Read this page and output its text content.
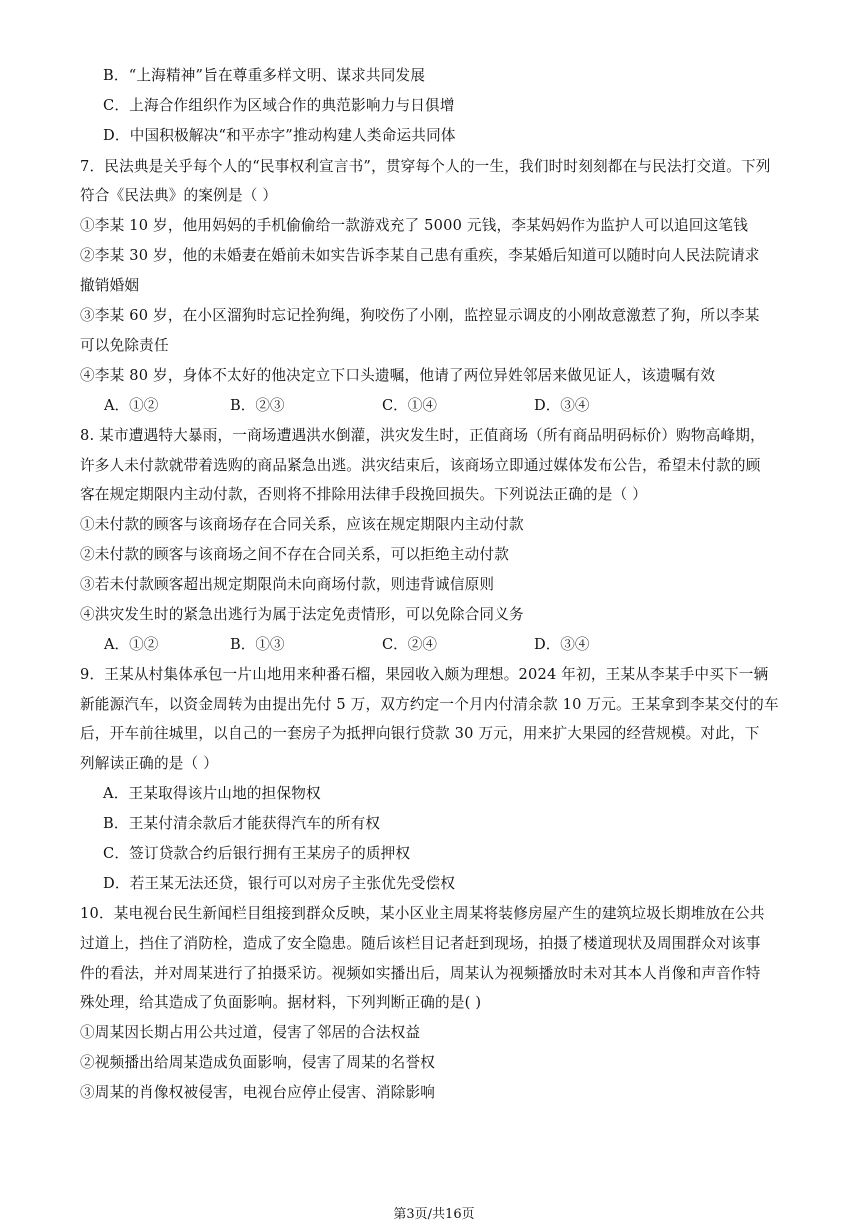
B．“上海精神”旨在尊重多样文明、谋求共同发展
C．上海合作组织作为区域合作的典范影响力与日俱增
D．中国积极解决“和平赤字”推动构建人类命运共同体
7．民法典是关乎每个人的“民事权利宣言书”，贯穿每个人的一生，我们时时刻刻都在与民法打交道。下列
符合《民法典》的案例是（ ）
①李某 10 岁，他用妈妈的手机偷偷给一款游戏充了 5000 元钱，李某妈妈作为监护人可以追回这笔钱
②李某 30 岁，他的未婚妻在婚前未如实告诉李某自己患有重疾，李某婚后知道可以随时向人民法院请求
撤销婚姻
③李某 60 岁，在小区溜狗时忘记拴狗绳，狗咬伤了小刚，监控显示调皮的小刚故意激惹了狗，所以李某
可以免除责任
④李某 80 岁，身体不太好的他决定立下口头遗嘱，他请了两位异姓邻居来做见证人，该遗嘱有效
A．①②	B．②③	C．①④	D．③④
8. 某市遭遇特大暴雨，一商场遭遇洪水倒灌，洪灾发生时，正值商场（所有商品明码标价）购物高峰期，
许多人未付款就带着选购的商品紧急出逃。洪灾结束后，该商场立即通过媒体发布公告，希望未付款的顾
客在规定期限内主动付款，否则将不排除用法律手段挽回损失。下列说法正确的是（ ）
①未付款的顾客与该商场存在合同关系，应该在规定期限内主动付款
②未付款的顾客与该商场之间不存在合同关系，可以拒绝主动付款
③若未付款顾客超出规定期限尚未向商场付款，则违背诚信原则
④洪灾发生时的紧急出逃行为属于法定免责情形，可以免除合同义务
A．①②	B．①③	C．②④	D．③④
9．王某从村集体承包一片山地用来种番石榴，果园收入颇为理想。2024 年初，王某从李某手中买下一辆
新能源汽车，以资金周转为由提出先付 5 万，双方约定一个月内付清余款 10 万元。王某拿到李某交付的车
后，开车前往城里，以自己的一套房子为抵押向银行贷款 30 万元，用来扩大果园的经营规模。对此，下
列解读正确的是（ ）
A．王某取得该片山地的担保物权
B．王某付清余款后才能获得汽车的所有权
C．签订贷款合约后银行拥有王某房子的质押权
D．若王某无法还贷，银行可以对房子主张优先受偿权
10．某电视台民生新闻栏目组接到群众反映，某小区业主周某将装修房屋产生的建筑垃圾长期堆放在公共
过道上，挡住了消防栓，造成了安全隐患。随后该栏目记者赶到现场，拍摄了楼道现状及周围群众对该事
件的看法，并对周某进行了拍摄采访。视频如实播出后，周某认为视频播放时未对其本人肖像和声音作特
殊处理，给其造成了负面影响。据材料，下列判断正确的是( )
①周某因长期占用公共过道，侵害了邻居的合法权益
②视频播出给周某造成负面影响，侵害了周某的名誉权
③周某的肖像权被侵害，电视台应停止侵害、消除影响
第3页/共16页
